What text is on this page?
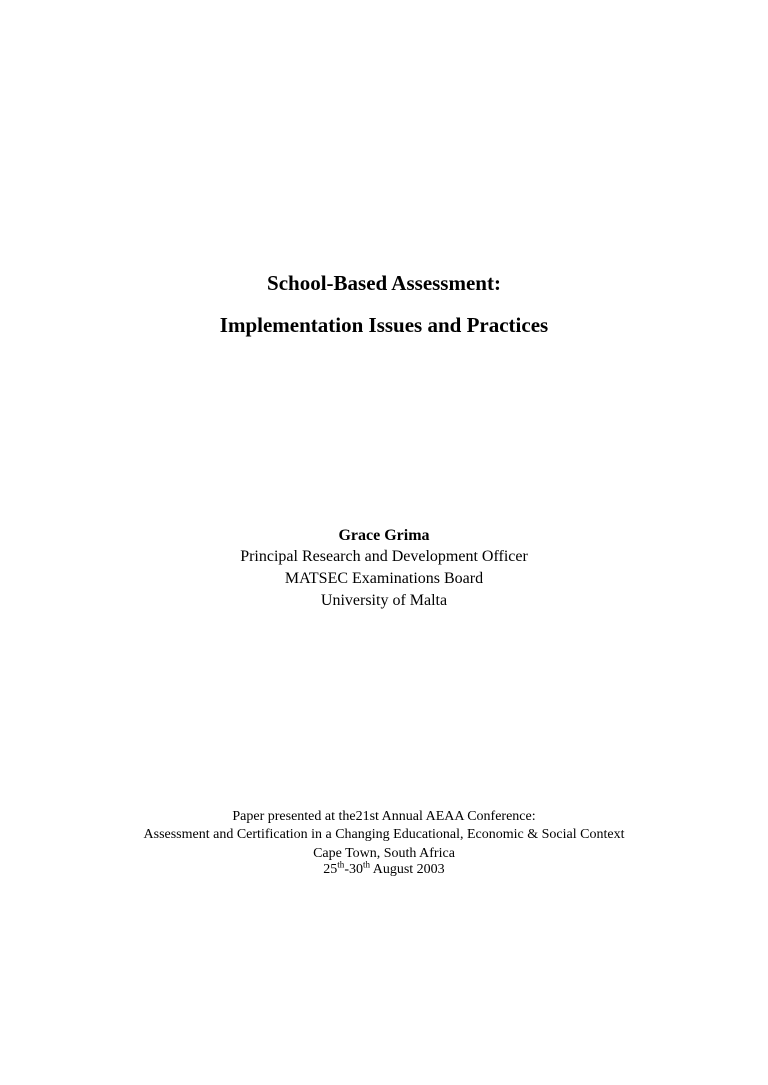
School-Based Assessment:
Implementation Issues and Practices
Grace Grima
Principal Research and Development Officer
MATSEC Examinations Board
University of Malta
Paper presented at the21st Annual AEAA Conference:
Assessment and Certification in a Changing Educational, Economic & Social Context
Cape Town, South Africa
25th-30th August 2003
